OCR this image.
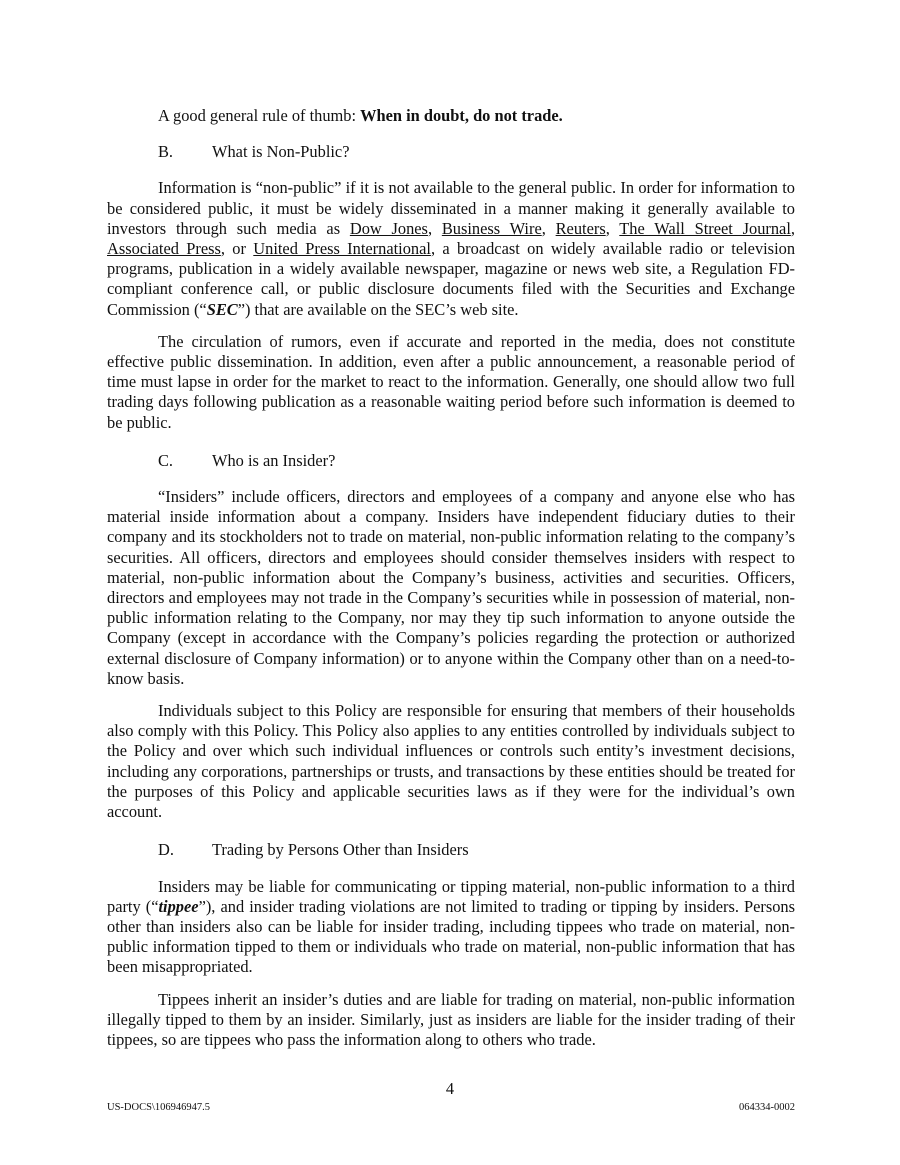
A good general rule of thumb: When in doubt, do not trade.

B.	What is Non-Public?

Information is “non-public” if it is not available to the general public. In order for information to be considered public, it must be widely disseminated in a manner making it generally available to investors through such media as Dow Jones, Business Wire, Reuters, The Wall Street Journal, Associated Press, or United Press International, a broadcast on widely available radio or television programs, publication in a widely available newspaper, magazine or news web site, a Regulation FD-compliant conference call, or public disclosure documents filed with the Securities and Exchange Commission (“SEC”) that are available on the SEC’s web site.

The circulation of rumors, even if accurate and reported in the media, does not constitute effective public dissemination. In addition, even after a public announcement, a reasonable period of time must lapse in order for the market to react to the information. Generally, one should allow two full trading days following publication as a reasonable waiting period before such information is deemed to be public.

C.	Who is an Insider?

“Insiders” include officers, directors and employees of a company and anyone else who has material inside information about a company. Insiders have independent fiduciary duties to their company and its stockholders not to trade on material, non-public information relating to the company’s securities. All officers, directors and employees should consider themselves insiders with respect to material, non-public information about the Company’s business, activities and securities. Officers, directors and employees may not trade in the Company’s securities while in possession of material, non-public information relating to the Company, nor may they tip such information to anyone outside the Company (except in accordance with the Company’s policies regarding the protection or authorized external disclosure of Company information) or to anyone within the Company other than on a need-to-know basis.

Individuals subject to this Policy are responsible for ensuring that members of their households also comply with this Policy. This Policy also applies to any entities controlled by individuals subject to the Policy and over which such individual influences or controls such entity’s investment decisions, including any corporations, partnerships or trusts, and transactions by these entities should be treated for the purposes of this Policy and applicable securities laws as if they were for the individual’s own account.

D.	Trading by Persons Other than Insiders

Insiders may be liable for communicating or tipping material, non-public information to a third party (“tippee”), and insider trading violations are not limited to trading or tipping by insiders. Persons other than insiders also can be liable for insider trading, including tippees who trade on material, non-public information tipped to them or individuals who trade on material, non-public information that has been misappropriated.

Tippees inherit an insider’s duties and are liable for trading on material, non-public information illegally tipped to them by an insider. Similarly, just as insiders are liable for the insider trading of their tippees, so are tippees who pass the information along to others who trade.

4
US-DOCS\106946947.5	064334-0002
